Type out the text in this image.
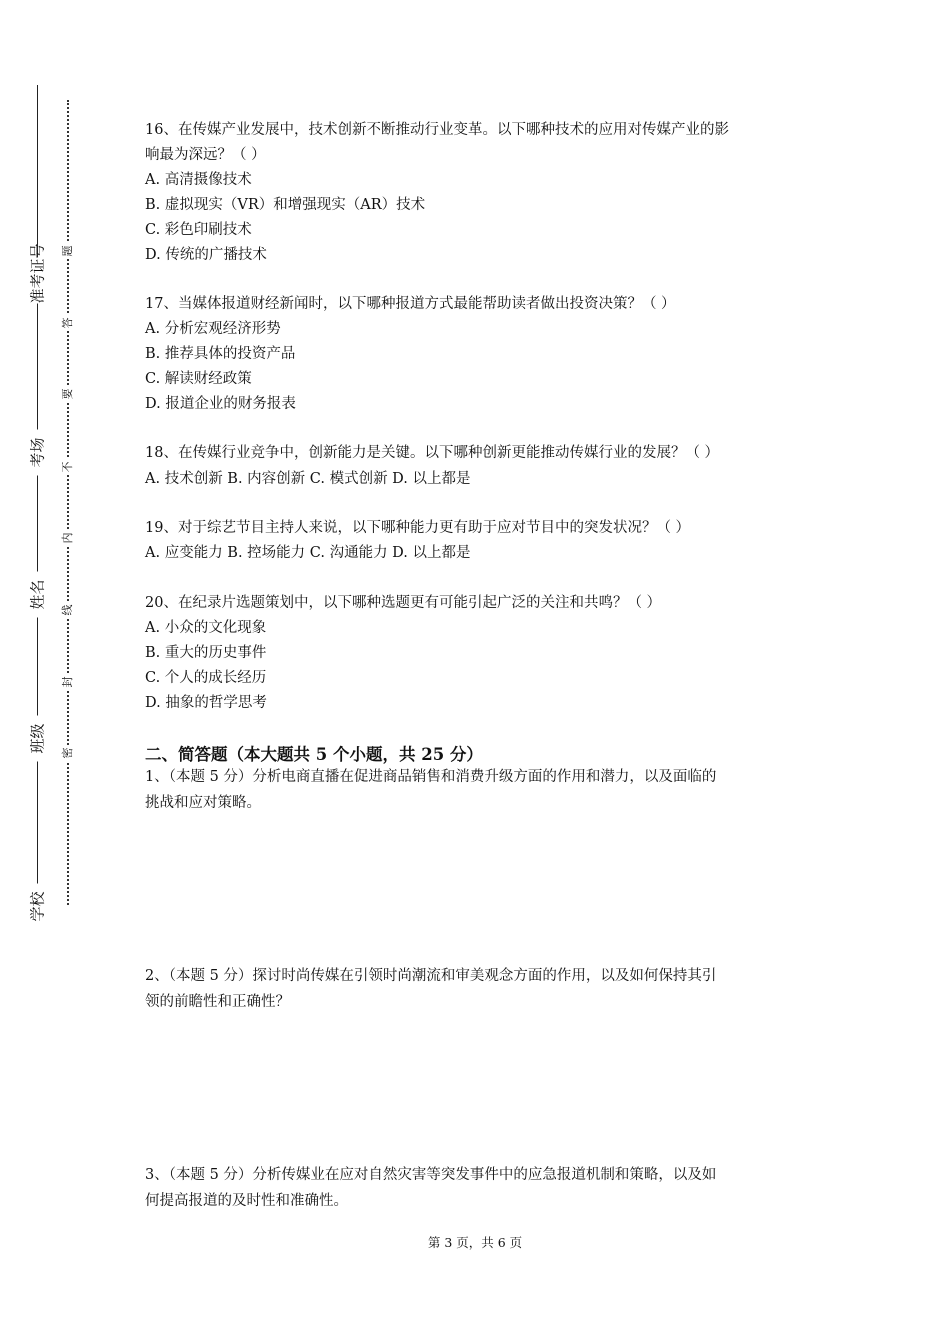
准考证号
考场
姓名
班级
学校
题
答
要
不
内
线
封
密
16、在传媒产业发展中，技术创新不断推动行业变革。以下哪种技术的应用对传媒产业的影
响最为深远？（ ）
A. 高清摄像技术
B. 虚拟现实（VR）和增强现实（AR）技术
C. 彩色印刷技术
D. 传统的广播技术
17、当媒体报道财经新闻时，以下哪种报道方式最能帮助读者做出投资决策？（ ）
A. 分析宏观经济形势
B. 推荐具体的投资产品
C. 解读财经政策
D. 报道企业的财务报表
18、在传媒行业竞争中，创新能力是关键。以下哪种创新更能推动传媒行业的发展？（ ）
A. 技术创新 B. 内容创新 C. 模式创新 D. 以上都是
19、对于综艺节目主持人来说，以下哪种能力更有助于应对节目中的突发状况？（ ）
A. 应变能力 B. 控场能力 C. 沟通能力 D. 以上都是
20、在纪录片选题策划中，以下哪种选题更有可能引起广泛的关注和共鸣？（ ）
A. 小众的文化现象
B. 重大的历史事件
C. 个人的成长经历
D. 抽象的哲学思考
二、简答题（本大题共 5 个小题，共 25 分）
1、（本题 5 分）分析电商直播在促进商品销售和消费升级方面的作用和潜力，以及面临的
挑战和应对策略。
2、（本题 5 分）探讨时尚传媒在引领时尚潮流和审美观念方面的作用，以及如何保持其引
领的前瞻性和正确性？
3、（本题 5 分）分析传媒业在应对自然灾害等突发事件中的应急报道机制和策略，以及如
何提高报道的及时性和准确性。
第 3 页，共 6 页
